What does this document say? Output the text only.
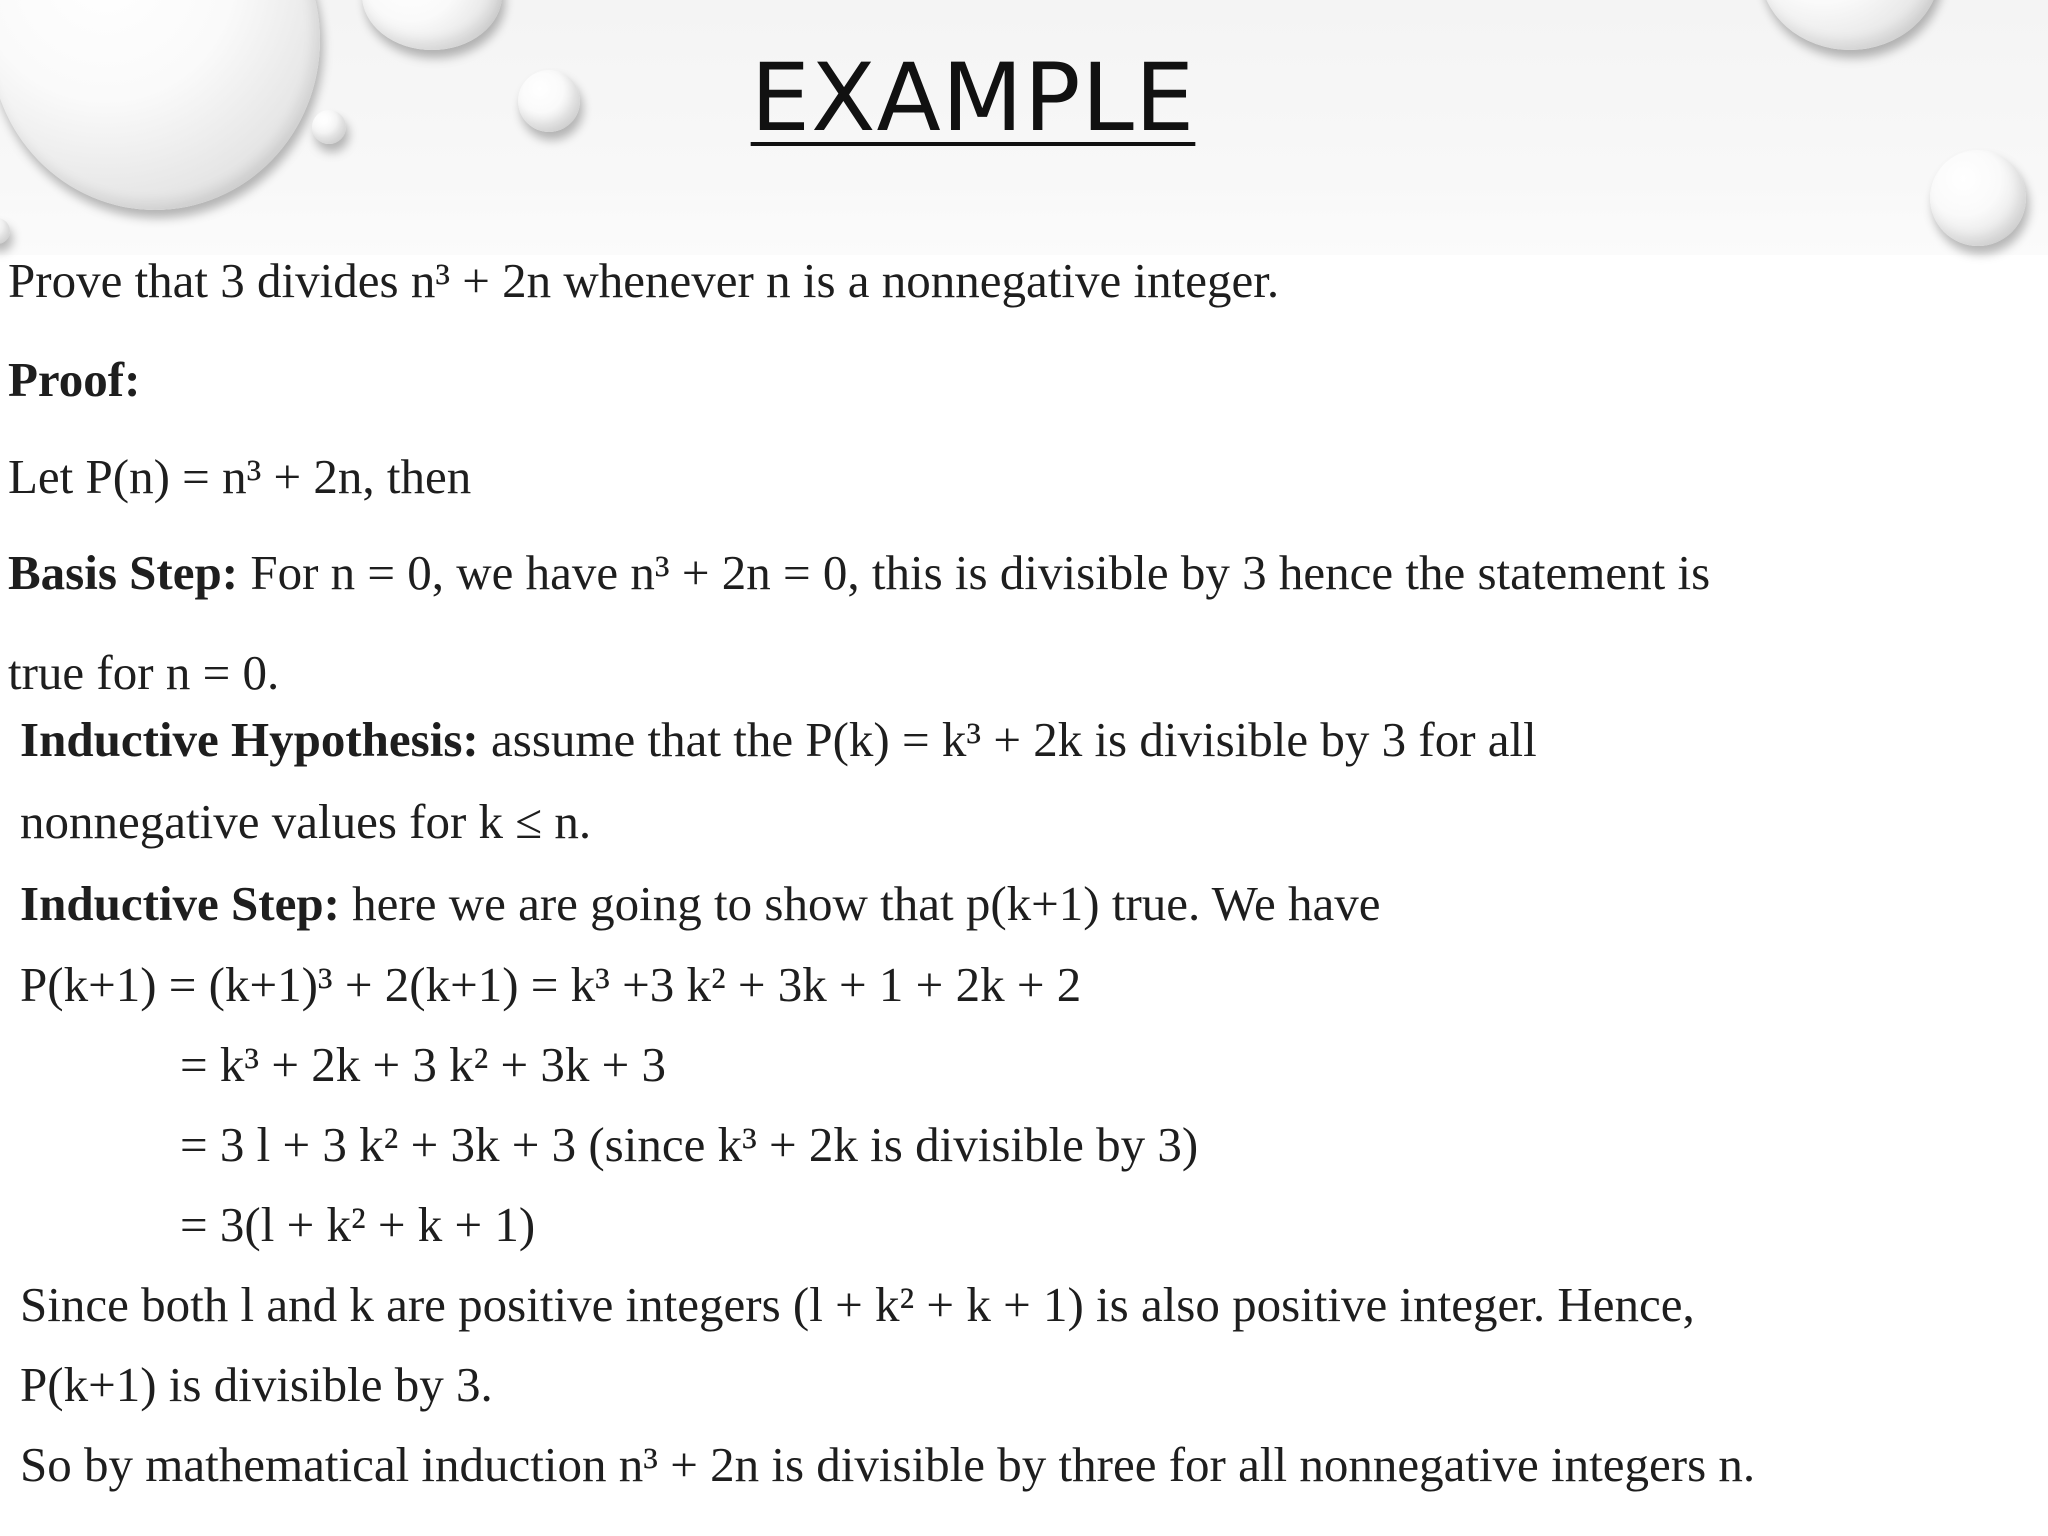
EXAMPLE
Prove that 3 divides n³ + 2n whenever n is a nonnegative integer.
Proof:
Let P(n) = n³ + 2n, then
Basis Step: For n = 0, we have n³ + 2n = 0, this is divisible by 3 hence the statement is
true for n = 0.
Inductive Hypothesis: assume that the P(k) = k³ + 2k is divisible by 3 for all
nonnegative values for k ≤ n.
Inductive Step: here we are going to show that p(k+1) true. We have
P(k+1) = (k+1)³ + 2(k+1) = k³ +3 k² + 3k + 1 + 2k + 2
= k³ + 2k + 3 k² + 3k + 3
= 3 l + 3 k² + 3k + 3 (since k³ + 2k is divisible by 3)
= 3(l + k² + k + 1)
Since both l and k are positive integers (l + k² + k + 1) is also positive integer. Hence,
P(k+1) is divisible by 3.
So by mathematical induction n³ + 2n is divisible by three for all nonnegative integers n.
